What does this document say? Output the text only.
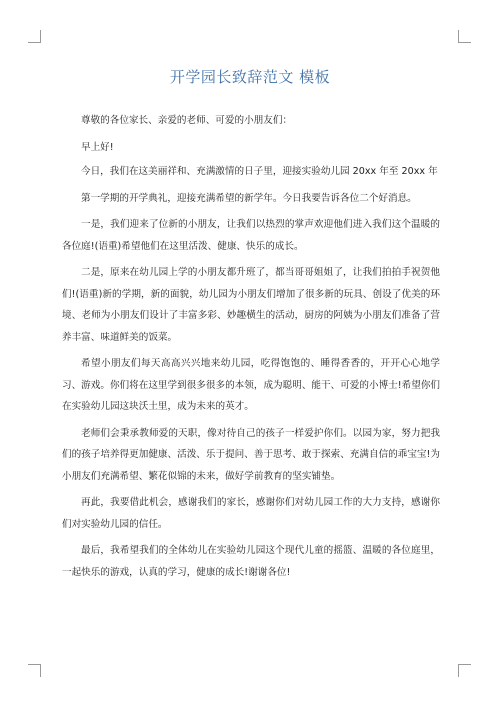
开学园长致辞范文 模板

尊敬的各位家长、亲爱的老师、可爱的小朋友们：

早上好!

今日，我们在这美丽祥和、充满激情的日子里，迎接实验幼儿园 20xx 年至 20xx 年

第一学期的开学典礼，迎接充满希望的新学年。今日我要告诉各位二个好消息。

一是，我们迎来了位新的小朋友，让我们以热烈的掌声欢迎他们进入我们这个温暖的各位庭!(语重)希望他们在这里活泼、健康、快乐的成长。

二是，原来在幼儿园上学的小朋友都升班了，都当哥哥姐姐了，让我们拍拍手祝贺他们!(语重)新的学期，新的面貌，幼儿园为小朋友们增加了很多新的玩具、创设了优美的环境、老师为小朋友们设计了丰富多彩、妙趣横生的活动，厨房的阿姨为小朋友们准备了营养丰富、味道鲜美的饭菜。

希望小朋友们每天高高兴兴地来幼儿园，吃得饱饱的、睡得香香的，开开心心地学习、游戏。你们将在这里学到很多很多的本领，成为聪明、能干、可爱的小博士!希望你们在实验幼儿园这块沃土里，成为未来的英才。

老师们会秉承教师爱的天职，像对待自己的孩子一样爱护你们。以园为家，努力把我们的孩子培养得更加健康、活泼、乐于提问、善于思考、敢于探索、充满自信的乖宝宝!为小朋友们充满希望、繁花似锦的未来，做好学前教育的坚实铺垫。

再此，我要借此机会，感谢我们的家长，感谢你们对幼儿园工作的大力支持，感谢你们对实验幼儿园的信任。

最后，我希望我们的全体幼儿在实验幼儿园这个现代儿童的摇篮、温暖的各位庭里，一起快乐的游戏，认真的学习，健康的成长!谢谢各位!
